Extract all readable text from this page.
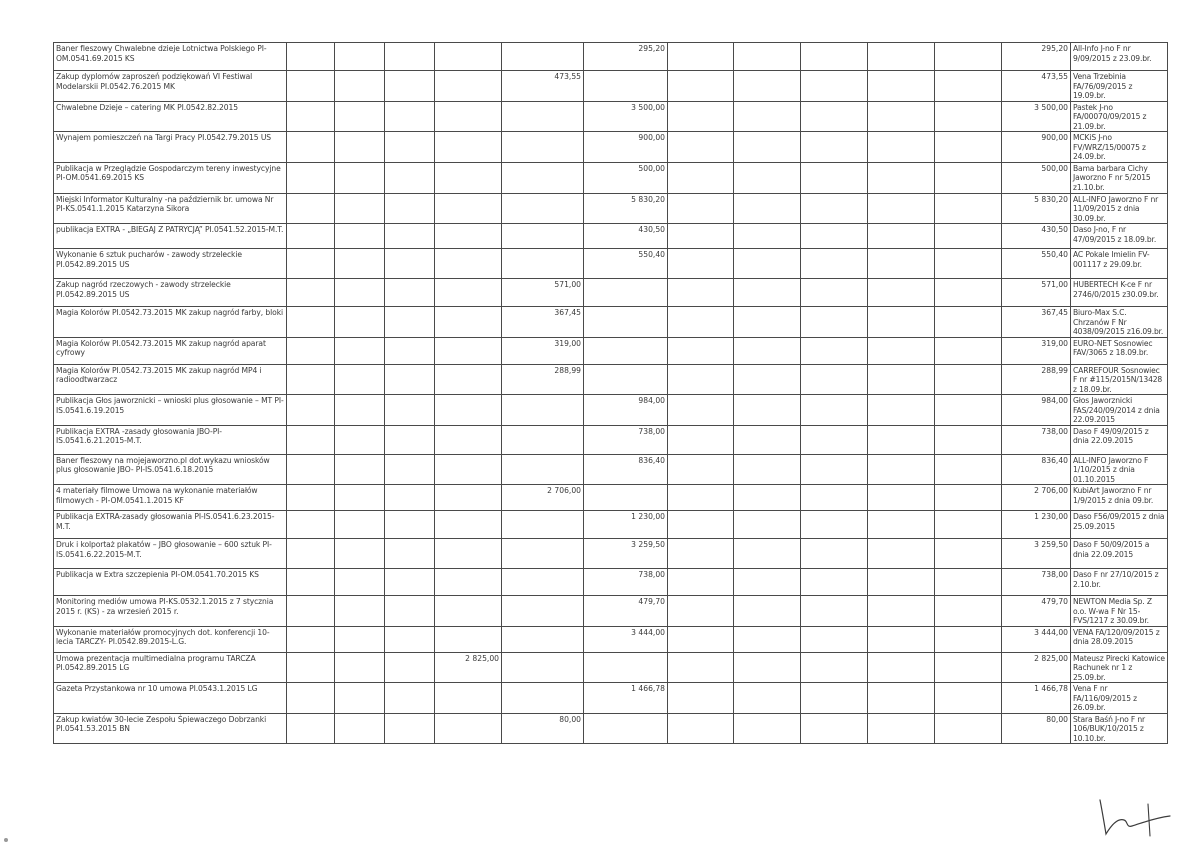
Baner fleszowy Chwalebne dzieje Lotnictwa Polskiego PI-OM.0541.69.2015 KS						295,20						295,20	All-Info J-no F nr 9/09/2015 z 23.09.br.
Zakup dyplomów zaproszeń podziękowań VI Festiwal Modelarskii PI.0542.76.2015 MK					473,55							473,55	Vena Trzebinia FA/76/09/2015 z 19.09.br.
Chwalebne Dzieje – catering MK PI.0542.82.2015						3 500,00						3 500,00	Pastek J-no FA/00070/09/2015 z 21.09.br.
Wynajem pomieszczeń na Targi Pracy PI.0542.79.2015 US						900,00						900,00	MCKiS J-no FV/WRZ/15/00075 z 24.09.br.
Publikacja w Przeglądzie Gospodarczym tereny inwestycyjne PI-OM.0541.69.2015 KS						500,00						500,00	Bama barbara Cichy Jaworzno F nr 5/2015 z1.10.br.
Miejski Informator Kulturalny -na październik br. umowa Nr PI-KS.0541.1.2015 Katarzyna Sikora						5 830,20						5 830,20	ALL-INFO Jaworzno F nr 11/09/2015 z dnia 30.09.br.
publikacja EXTRA - „BIEGAJ Z PATRYCJĄ” PI.0541.52.2015-M.T.						430,50						430,50	Daso J-no, F nr 47/09/2015 z 18.09.br.
Wykonanie 6 sztuk pucharów - zawody strzeleckie PI.0542.89.2015 US						550,40						550,40	AC Pokale Imielin FV-001117 z 29.09.br.
Zakup nagród rzeczowych - zawody strzeleckie PI.0542.89.2015 US					571,00							571,00	HUBERTECH K-ce F nr 2746/0/2015 z30.09.br.
Magia Kolorów PI.0542.73.2015 MK zakup nagród farby, bloki					367,45							367,45	Biuro-Max S.C. Chrzanów F Nr 4038/09/2015 z16.09.br.
Magia Kolorów PI.0542.73.2015 MK zakup nagród aparat cyfrowy					319,00							319,00	EURO-NET Sosnowiec FAV/3065 z 18.09.br.
Magia Kolorów PI.0542.73.2015 MK zakup nagród MP4 i radioodtwarzacz					288,99							288,99	CARREFOUR Sosnowiec F nr #115/2015N/13428 z 18.09.br.
Publikacja Głos jaworznicki – wnioski plus głosowanie – MT PI-IS.0541.6.19.2015						984,00						984,00	Głos Jaworznicki FAS/240/09/2014 z dnia 22.09.2015
Publikacja EXTRA -zasady głosowania JBO-PI-IS.0541.6.21.2015-M.T.						738,00						738,00	Daso F 49/09/2015 z dnia 22.09.2015
Baner fleszowy na mojejaworzno.pl dot.wykazu wniosków plus głosowanie JBO- PI-IS.0541.6.18.2015						836,40						836,40	ALL-INFO Jaworzno F 1/10/2015 z dnia 01.10.2015
4 materiały filmowe Umowa na wykonanie materiałów filmowych - PI-OM.0541.1.2015 KF					2 706,00							2 706,00	KubiArt Jaworzno F nr 1/9/2015 z dnia 09.br.
Publikacja EXTRA-zasady głosowania PI-IS.0541.6.23.2015-M.T.						1 230,00						1 230,00	Daso F56/09/2015 z dnia 25.09.2015
Druk i kolportaż plakatów – JBO głosowanie – 600 sztuk PI-IS.0541.6.22.2015-M.T.						3 259,50						3 259,50	Daso F 50/09/2015 a dnia 22.09.2015
Publikacja w Extra szczepienia PI-OM.0541.70.2015 KS						738,00						738,00	Daso F nr 27/10/2015 z 2.10.br.
Monitoring mediów umowa PI-KS.0532.1.2015 z 7 stycznia 2015 r. (KS) - za wrzesień 2015 r.						479,70						479,70	NEWTON Media Sp. Z o.o. W-wa F Nr 15-FVS/1217 z 30.09.br.
Wykonanie materiałów promocyjnych dot. konferencji 10-lecia TARCZY- PI.0542.89.2015-L.G.						3 444,00						3 444,00	VENA FA/120/09/2015 z dnia 28.09.2015
Umowa prezentacja multimedialna programu TARCZA PI.0542.89.2015 LG				2 825,00								2 825,00	Mateusz Pirecki Katowice Rachunek nr 1 z 25.09.br.
Gazeta Przystankowa nr 10 umowa PI.0543.1.2015 LG						1 466,78						1 466,78	Vena F nr FA/116/09/2015 z 26.09.br.
Zakup kwiatów 30-lecie Zespołu Śpiewaczego Dobrzanki PI.0541.53.2015 BN					80,00							80,00	Stara Baśń J-no F nr 106/BUK/10/2015 z 10.10.br.
